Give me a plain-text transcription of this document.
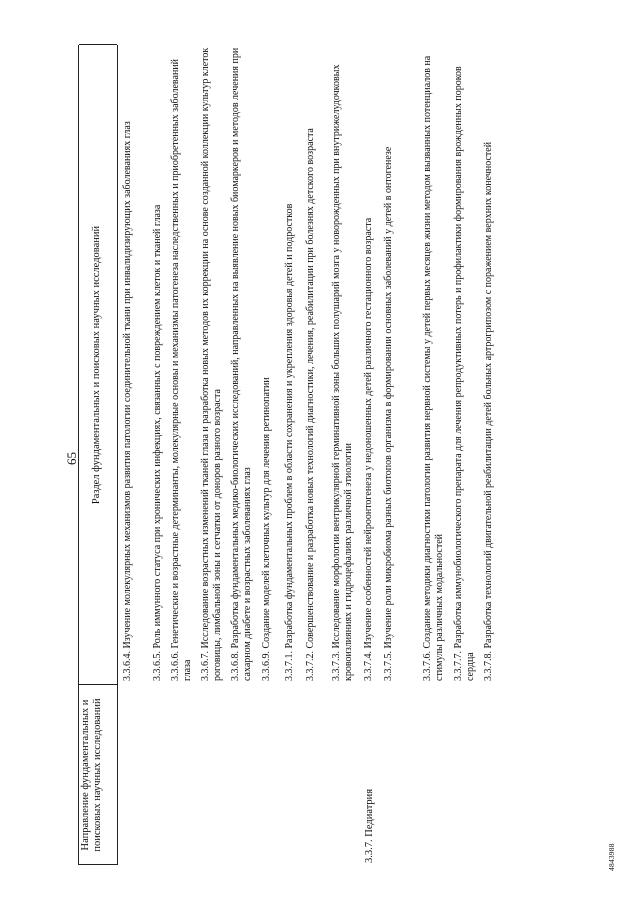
65
Направление фундаментальных и поисковых научных исследований
Раздел фундаментальных и поисковых научных исследований
3.3.7. Педиатрия
3.3.6.4. Изучение молекулярных механизмов развития патологии соединительной ткани при инвалидизирующих заболеваниях глаз 3.3.6.5. Роль иммунного статуса при хронических инфекциях, связанных с повреждением клеток и тканей глаза 3.3.6.6. Генетические и возрастные детерминанты, молекулярные основы и механизмы патогенеза наследственных и приобретенных заболеваний глаза 3.3.6.7. Исследование возрастных изменений тканей глаза и разработка новых методов их коррекции на основе созданной коллекции культур клеток роговицы, лимбальной зоны и сетчатки от доноров разного возраста 3.3.6.8. Разработка фундаментальных медико-биологических исследований, направленных на выявление новых биомаркеров и методов лечения при сахарном диабете и возрастных заболеваниях глаз 3.3.6.9. Создание моделей клеточных культур для лечения ретинопатии 3.3.7.1. Разработка фундаментальных проблем в области сохранения и укрепления здоровья детей и подростков 3.3.7.2. Совершенствование и разработка новых технологий диагностики, лечения, реабилитации при болезнях детского возраста 3.3.7.3. Исследование морфологии вентрикулярной герминативной зоны больших полушарий мозга у новорожденных при внутрижелудочковых кровоизлияниях и гидроцефалиях различной этиологии 3.3.7.4. Изучение особенностей нейроонтогенеза у недоношенных детей различного гестационного возраста 3.3.7.5. Изучение роли микробиома разных биотопов организма в формировании основных заболеваний у детей в онтогенезе	3.3.7.6. Создание методики диагностики патологии развития нервной системы у детей первых месяцев жизни методом вызванных потенциалов на стимулы различных модальностей 3.3.7.7. Разработка иммунобиологического препарата для лечения репродуктивных потерь и профилактики формирования врожденных пороков сердца 3.3.7.8. Разработка технологий двигательной реабилитации детей больных артрогрипозом с поражением верхних конечностей
4843988
